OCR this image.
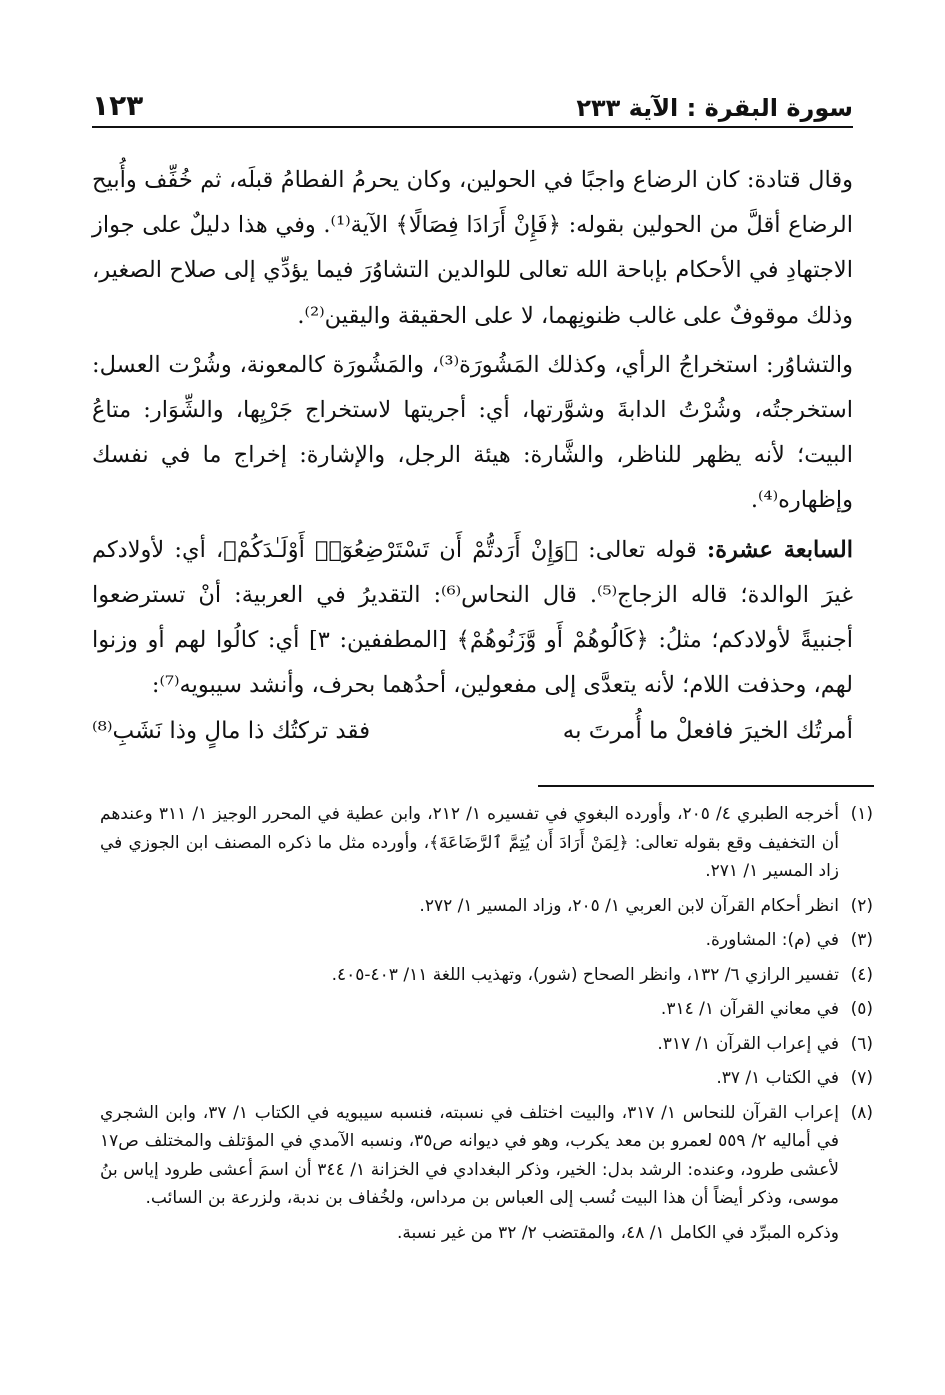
سورة البقرة : الآية ٢٣٣
١٢٣

وقال قتادة: كان الرضاع واجبًا في الحولين، وكان يحرمُ الفطامُ قبلَه، ثم خُفِّف وأُبيح الرضاع أقلَّ من الحولين بقوله: ﴿فَإِنْ أَرَادَا فِصَالًا﴾ الآية⁽¹⁾. وفي هذا دليلٌ على جواز الاجتهادِ في الأحكام بإباحة الله تعالى للوالدين التشاوُرَ فيما يؤدِّي إلى صلاح الصغير، وذلك موقوفٌ على غالب ظنونِهما، لا على الحقيقة واليقين⁽²⁾.

والتشاوُر: استخراجُ الرأي، وكذلك المَشُورَة⁽³⁾، والمَشُورَة كالمعونة، وشُرْت العسل: استخرجتُه، وشُرْتُ الدابةَ وشوَّرتها، أي: أجريتها لاستخراج جَرْيِها، والشِّوَار: متاعُ البيت؛ لأنه يظهر للناظر، والشَّارة: هيئة الرجل، والإشارة: إخراج ما في نفسك وإظهاره⁽⁴⁾.

السابعة عشرة: قوله تعالى: ﴿وَإِنْ أَرَدتُّمْ أَن تَسْتَرْضِعُوٓا۟ أَوْلَـٰدَكُمْ﴾، أي: لأولادكم غيرَ الوالدة؛ قاله الزجاج⁽⁵⁾. قال النحاس⁽⁶⁾: التقديرُ في العربية: أنْ تسترضعوا أجنبيةً لأولادكم؛ مثلُ: ﴿كَالُوهُمْ أَو وَّزَنُوهُمْ﴾ [المطففين: ٣] أي: كالُوا لهم أو وزنوا لهم، وحذفت اللام؛ لأنه يتعدَّى إلى مفعولين، أحدُهما بحرف، وأنشد سيبويه⁽⁷⁾:

أمرتُك الخيرَ فافعلْ ما أُمرتَ به
فقد تركتُك ذا مالٍ وذا نَشَبِ⁽⁸⁾
(١)
أخرجه الطبري ٤/ ٢٠٥، وأورده البغوي في تفسيره ١/ ٢١٢، وابن عطية في المحرر الوجيز ١/ ٣١١ وعندهم أن التخفيف وقع بقوله تعالى: ﴿لِمَنْ أَرَادَ أَن يُتِمَّ ٱلرَّضَاعَةَ﴾، وأورده مثل ما ذكره المصنف ابن الجوزي في زاد المسير ١/ ٢٧١.
(٢)
انظر أحكام القرآن لابن العربي ١/ ٢٠٥، وزاد المسير ١/ ٢٧٢.
(٣)
في (م): المشاورة.
(٤)
تفسير الرازي ٦/ ١٣٢، وانظر الصحاح (شور)، وتهذيب اللغة ١١/ ٤٠٣-٤٠٥.
(٥)
في معاني القرآن ١/ ٣١٤.
(٦)
في إعراب القرآن ١/ ٣١٧.
(٧)
في الكتاب ١/ ٣٧.
(٨)
إعراب القرآن للنحاس ١/ ٣١٧، والبيت اختلف في نسبته، فنسبه سيبويه في الكتاب ١/ ٣٧، وابن الشجري في أماليه ٢/ ٥٥٩ لعمرو بن معد يكرب، وهو في ديوانه ص٣٥، ونسبه الآمدي في المؤتلف والمختلف ص١٧ لأعشى طرود، وعنده: الرشد بدل: الخير، وذكر البغدادي في الخزانة ١/ ٣٤٤ أن اسمَ أعشى طرود إياس بنُ موسى، وذكر أيضاً أن هذا البيت نُسب إلى العباس بن مرداس، ولخُفاف بن ندبة، ولزرعة بن السائب.
وذكره المبرِّد في الكامل ١/ ٤٨، والمقتضب ٢/ ٣٢ من غير نسبة.
